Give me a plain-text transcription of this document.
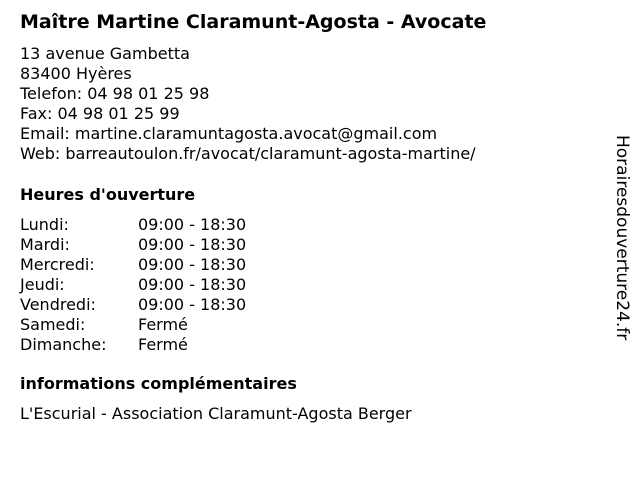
Maître Martine Claramunt-Agosta - Avocate
13 avenue Gambetta
83400 Hyères
Telefon: 04 98 01 25 98
Fax: 04 98 01 25 99
Email: martine.claramuntagosta.avocat@gmail.com
Web: barreautoulon.fr/avocat/claramunt-agosta-martine/
Heures d'ouverture
Lundi:	09:00 - 18:30
Mardi:	09:00 - 18:30
Mercredi:	09:00 - 18:30
Jeudi:	09:00 - 18:30
Vendredi:	09:00 - 18:30
Samedi:	Fermé
Dimanche:	Fermé
informations complémentaires
L'Escurial - Association Claramunt-Agosta Berger
Horairesdouverture24.fr
